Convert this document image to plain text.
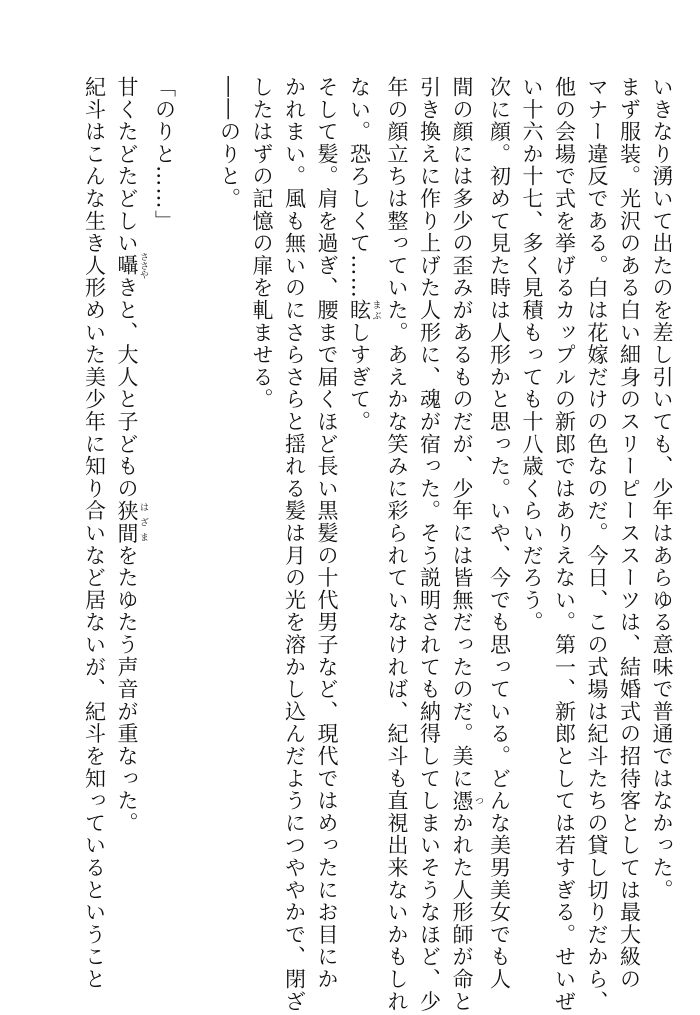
いきなり湧いて出たのを差し引いても、少年はあらゆる意味で普通ではなかった。
まず服装。光沢のある白い細身のスリーピーススーツは、結婚式の招待客としては最大級の
マナー違反である。白は花嫁だけの色なのだ。今日、この式場は紀斗たちの貸し切りだから、
他の会場で式を挙げるカップルの新郎ではありえない。第一、新郎としては若すぎる。せいぜ
い十六か十七、多く見積もっても十八歳くらいだろう。
次に顔。初めて見た時は人形かと思った。いや、今でも思っている。どんな美男美女でも人
間の顔には多少の歪みがあるものだが、少年には皆無だったのだ。美に憑 つかれた人形師が命と
引き換えに作り上げた人形に、魂が宿った。そう説明されても納得してしまいそうなほど、少
年の顔立ちは整っていた。あえかな笑みに彩られていなければ、紀斗も直視出来ないかもしれ
ない。恐ろしくて……眩 まぶしすぎて。
そして髪。肩を過ぎ、腰まで届くほど長い黒髪の十代男子など、現代ではめったにお目にか
かれまい。風も無いのにさらさらと揺れる髪は月の光を溶かし込んだようにつややかで、閉ざ
したはずの記憶の扉を軋ませる。
――のりと。
「のりと……」
甘くたどたどしい囁 ささやきと、大人と子どもの狭間 はざまをたゆたう声音が重なった。
紀斗はこんな生き人形めいた美少年に知り合いなど居ないが、紀斗を知っているということ
